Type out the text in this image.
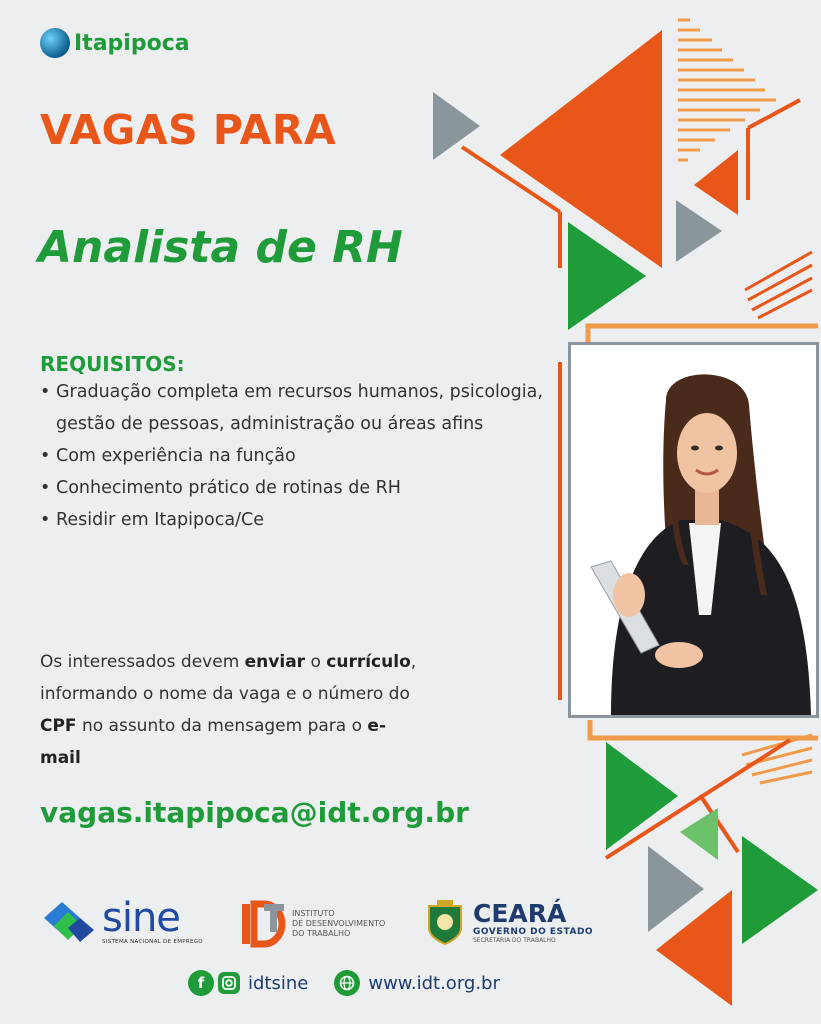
Itapipoca
VAGAS PARA
Analista de RH
REQUISITOS:
• Graduação completa em recursos humanos, psicologia, gestão de pessoas, administração ou áreas afins
• Com experiência na função
• Conhecimento prático de rotinas de RH
• Residir em Itapipoca/Ce
Os interessados devem enviar o currículo, informando o nome da vaga e o número do CPF no assunto da mensagem para o e-mail
vagas.itapipoca@idt.org.br
sine
SISTEMA NACIONAL DE EMPREGO
INSTITUTO
DE DESENVOLVIMENTO
DO TRABALHO
CEARÁ
GOVERNO DO ESTADO
SECRETARIA DO TRABALHO
f	idtsine	www.idt.org.br
